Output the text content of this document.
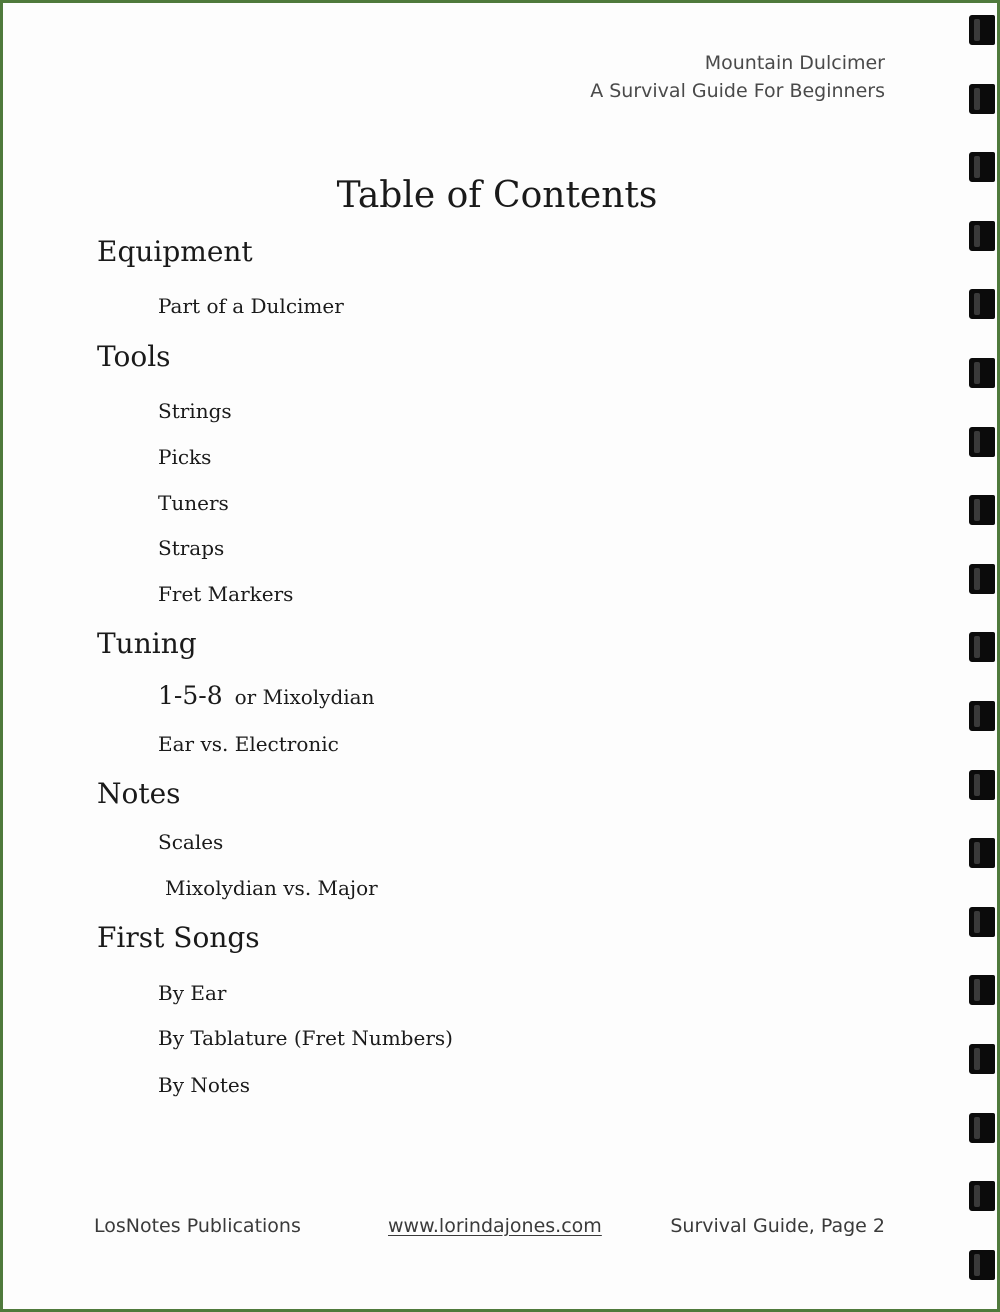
Mountain Dulcimer
A Survival Guide For Beginners
Table of Contents
Equipment
Part of a Dulcimer
Tools
Strings
Picks
Tuners
Straps
Fret Markers
Tuning
1-5-8 or Mixolydian
Ear vs. Electronic
Notes
Scales
Mixolydian vs. Major
First Songs
By Ear
By Tablature (Fret Numbers)
By Notes
LosNotes Publications	www.lorindajones.com	Survival Guide, Page 2
